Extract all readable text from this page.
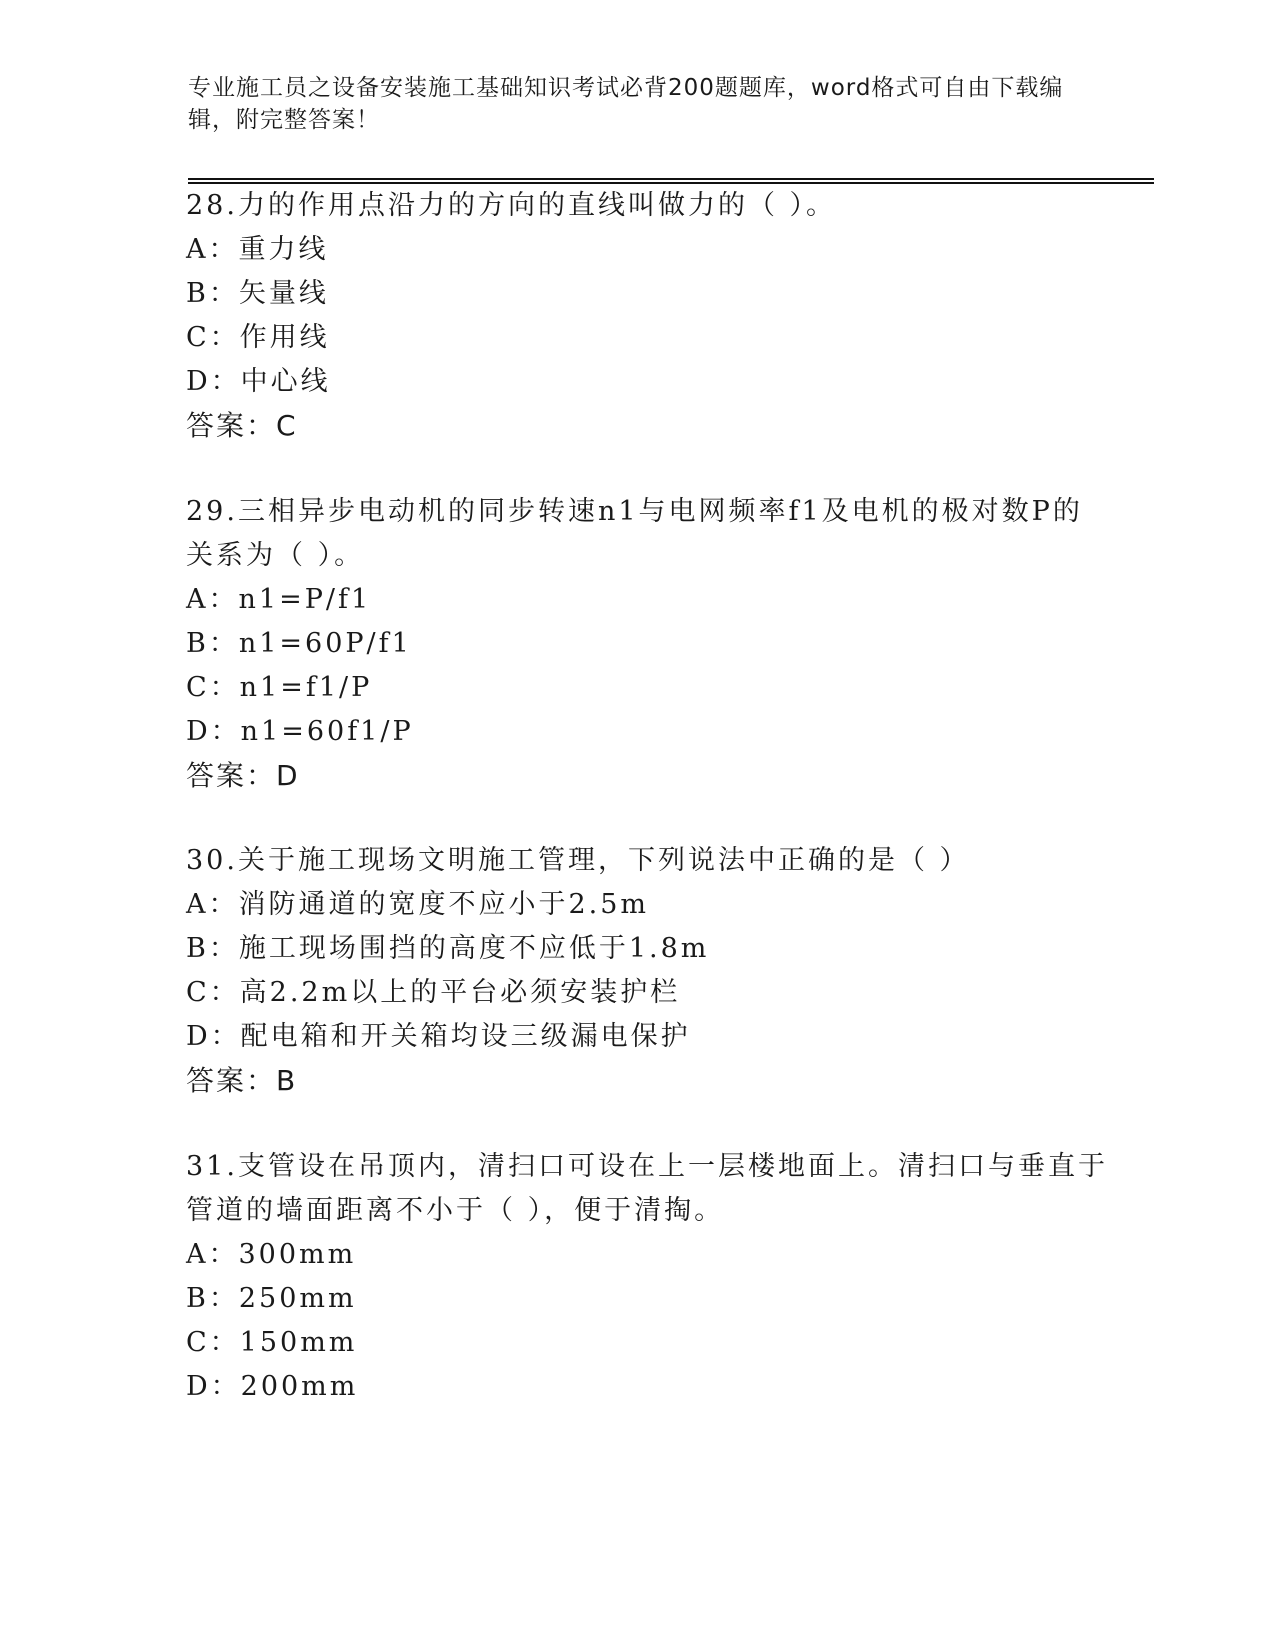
专业施工员之设备安装施工基础知识考试必背200题题库，word格式可自由下载编辑，附完整答案！

28.力的作用点沿力的方向的直线叫做力的（ ）。

A：重力线

B：矢量线

C：作用线

D：中心线

答案：C

29.三相异步电动机的同步转速n1与电网频率f1及电机的极对数P的

关系为（ ）。

A：n1=P/f1

B：n1=60P/f1

C：n1=f1/P

D：n1=60f1/P

答案：D

30.关于施工现场文明施工管理，下列说法中正确的是（ ）

A：消防通道的宽度不应小于2.5m

B：施工现场围挡的高度不应低于1.8m

C：高2.2m以上的平台必须安装护栏

D：配电箱和开关箱均设三级漏电保护

答案：B

31.支管设在吊顶内，清扫口可设在上一层楼地面上。清扫口与垂直于

管道的墙面距离不小于（ ），便于清掏。

A：300mm

B：250mm

C：150mm

D：200mm
